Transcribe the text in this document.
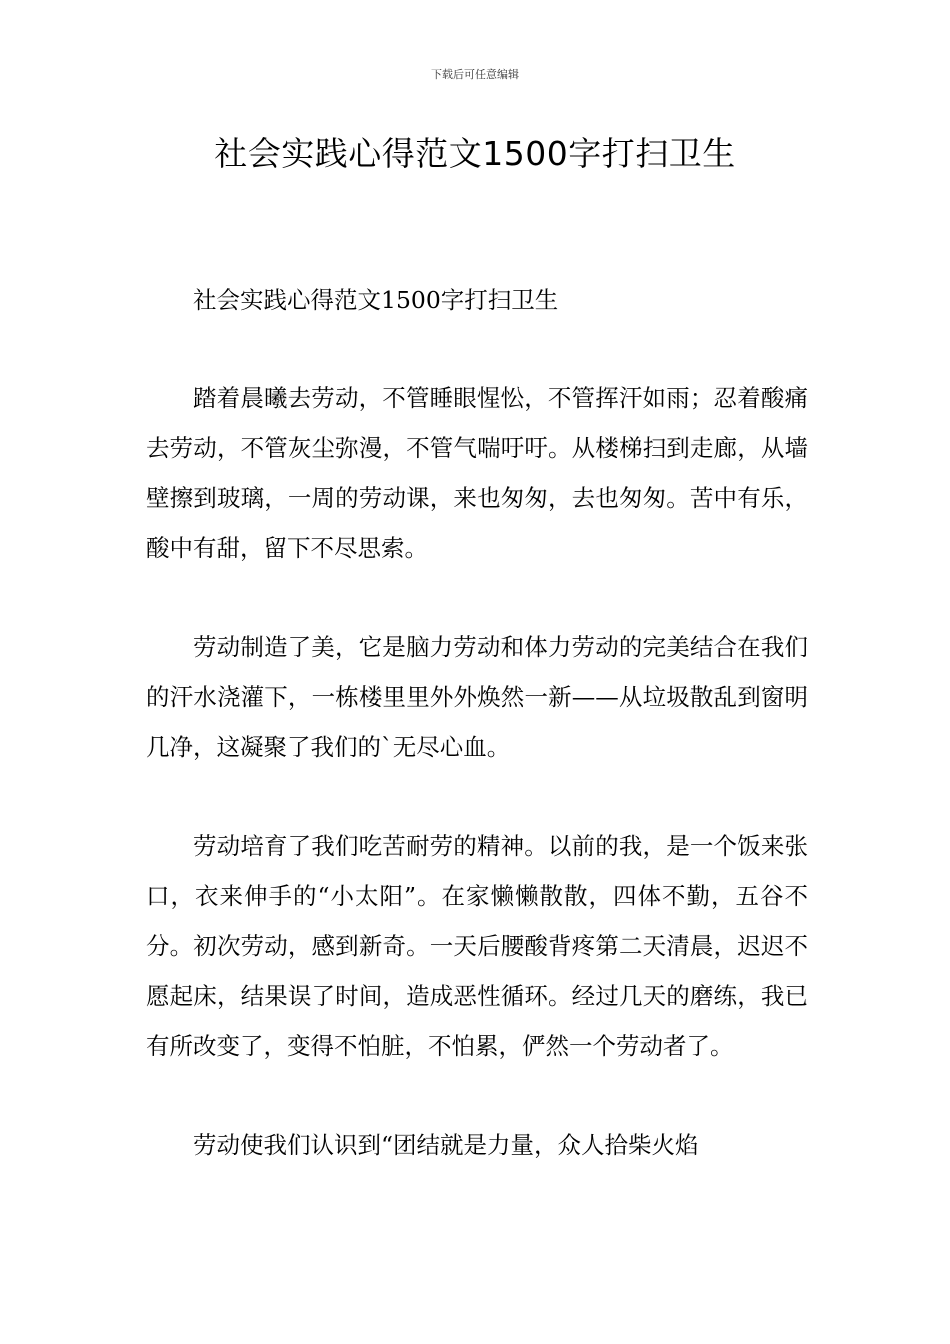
下载后可任意编辑
社会实践心得范文1500字打扫卫生

社会实践心得范文1500字打扫卫生

踏着晨曦去劳动，不管睡眼惺忪，不管挥汗如雨；忍着酸痛去劳动，不管灰尘弥漫，不管气喘吁吁。从楼梯扫到走廊，从墙壁擦到玻璃，一周的劳动课，来也匆匆，去也匆匆。苦中有乐，酸中有甜，留下不尽思索。

劳动制造了美，它是脑力劳动和体力劳动的完美结合在我们的汗水浇灌下，一栋楼里里外外焕然一新——从垃圾散乱到窗明几净，这凝聚了我们的`无尽心血。

劳动培育了我们吃苦耐劳的精神。以前的我，是一个饭来张口，衣来伸手的“小太阳”。在家懒懒散散，四体不勤，五谷不分。初次劳动，感到新奇。一天后腰酸背疼第二天清晨，迟迟不愿起床，结果误了时间，造成恶性循环。经过几天的磨练，我已有所改变了，变得不怕脏，不怕累，俨然一个劳动者了。

劳动使我们认识到“团结就是力量，众人拾柴火焰
